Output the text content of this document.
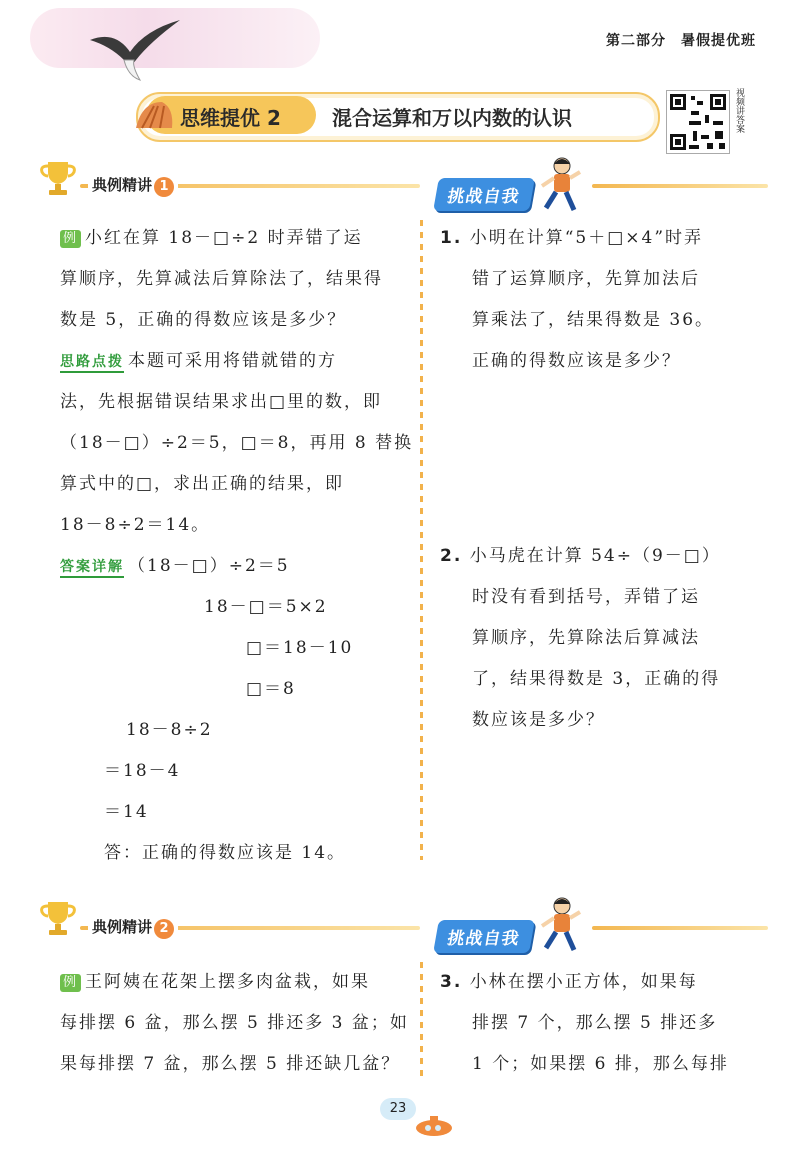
第二部分　暑假提优班
思维提优 2	混合运算和万以内数的认识	视频讲答案
典例精讲 1
挑战自我
例 小红在算 18－□÷2 时弄错了运
算顺序，先算减法后算除法了，结果得
数是 5，正确的得数应该是多少？
思路点拨 本题可采用将错就错的方
法，先根据错误结果求出□里的数，即
（18－□）÷2＝5，□＝8，再用 8 替换
算式中的□，求出正确的结果，即
18－8÷2＝14。
答案详解 （18－□）÷2＝5
18－□＝5×2
□＝18－10
□＝8
18－8÷2
＝18－4
＝14
答：正确的得数应该是 14。
1. 小明在计算“5＋□×4”时弄
错了运算顺序，先算加法后
算乘法了，结果得数是 36。
正确的得数应该是多少？
2. 小马虎在计算 54÷（9－□）
时没有看到括号，弄错了运
算顺序，先算除法后算减法
了，结果得数是 3，正确的得
数应该是多少？
典例精讲 2
挑战自我
例 王阿姨在花架上摆多肉盆栽，如果
每排摆 6 盆，那么摆 5 排还多 3 盆；如
果每排摆 7 盆，那么摆 5 排还缺几盆？
3. 小林在摆小正方体，如果每
排摆 7 个，那么摆 5 排还多
1 个；如果摆 6 排，那么每排
23
